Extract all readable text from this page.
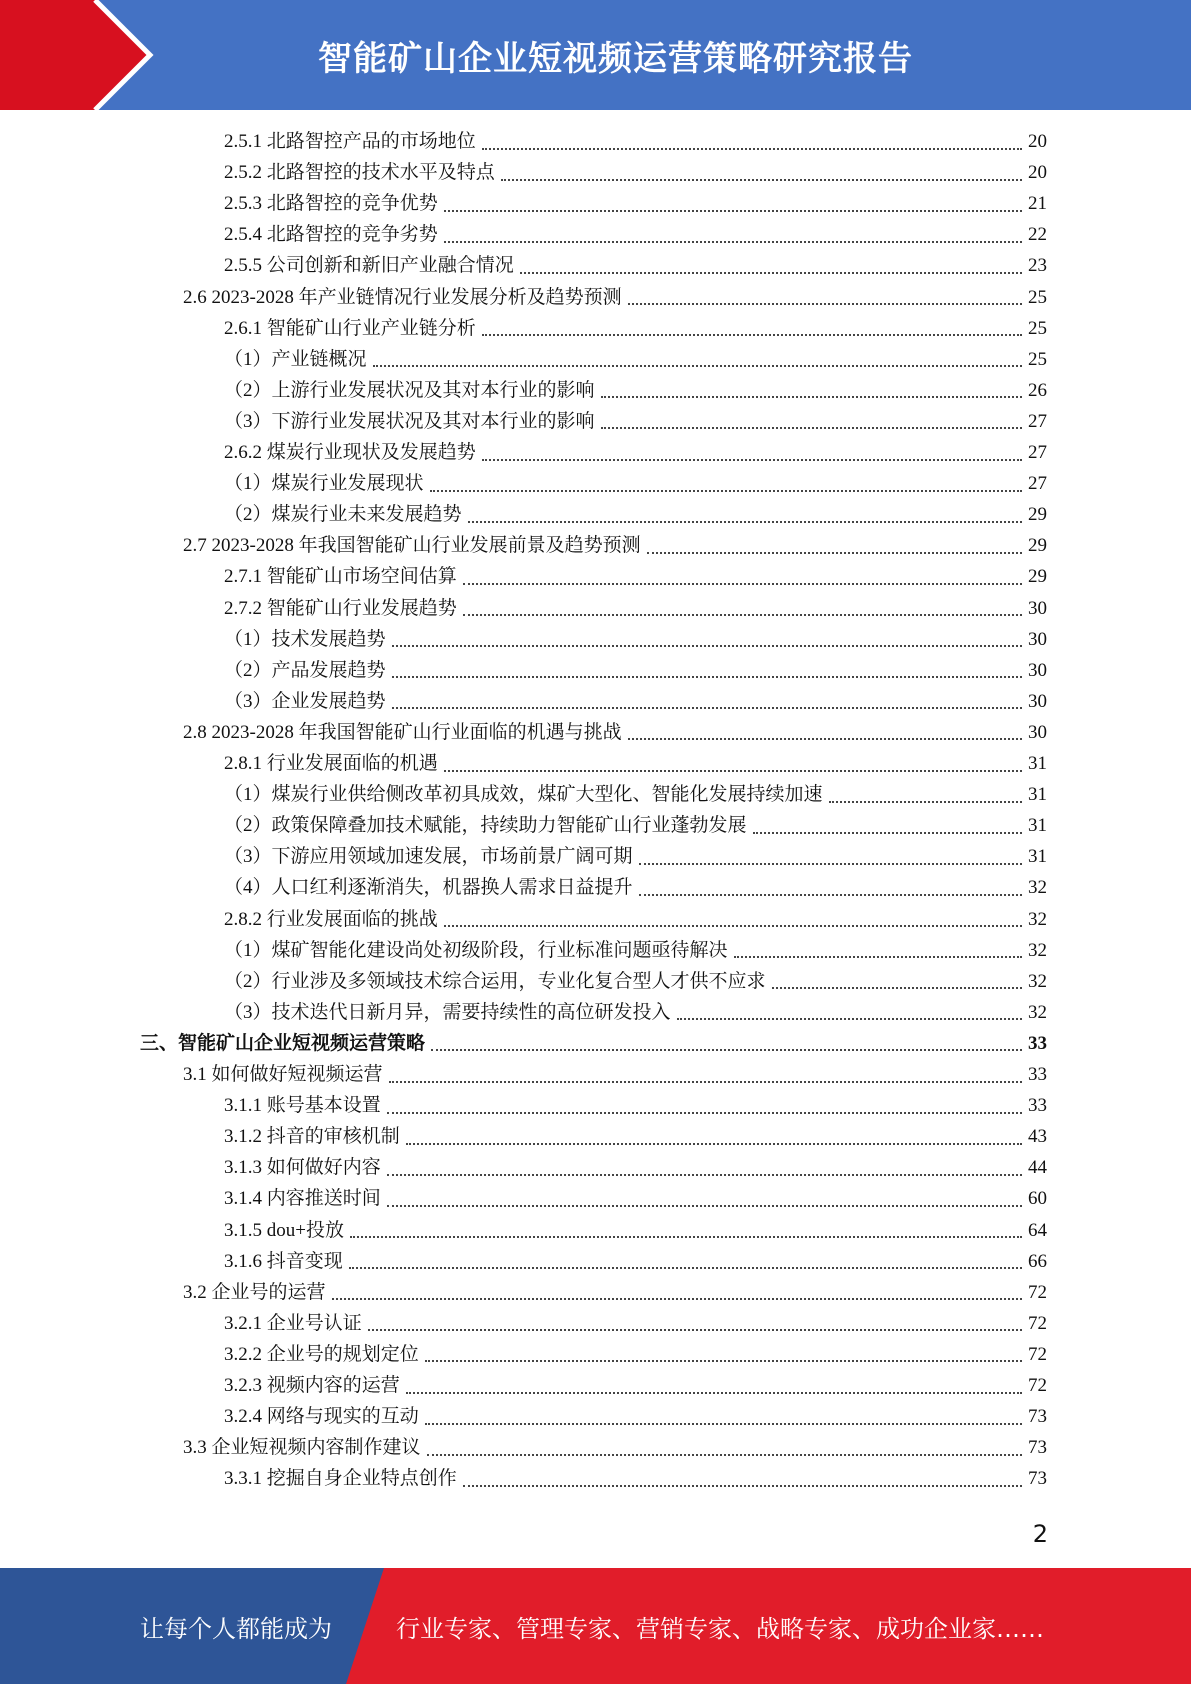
智能矿山企业短视频运营策略研究报告
2.5.1 北路智控产品的市场地位	20
2.5.2 北路智控的技术水平及特点	20
2.5.3 北路智控的竞争优势	21
2.5.4 北路智控的竞争劣势	22
2.5.5 公司创新和新旧产业融合情况	23
2.6 2023-2028 年产业链情况行业发展分析及趋势预测	25
2.6.1 智能矿山行业产业链分析	25
（1）产业链概况	25
（2）上游行业发展状况及其对本行业的影响	26
（3）下游行业发展状况及其对本行业的影响	27
2.6.2 煤炭行业现状及发展趋势	27
（1）煤炭行业发展现状	27
（2）煤炭行业未来发展趋势	29
2.7 2023-2028 年我国智能矿山行业发展前景及趋势预测	29
2.7.1 智能矿山市场空间估算	29
2.7.2 智能矿山行业发展趋势	30
（1）技术发展趋势	30
（2）产品发展趋势	30
（3）企业发展趋势	30
2.8 2023-2028 年我国智能矿山行业面临的机遇与挑战	30
2.8.1 行业发展面临的机遇	31
（1）煤炭行业供给侧改革初具成效，煤矿大型化、智能化发展持续加速	31
（2）政策保障叠加技术赋能，持续助力智能矿山行业蓬勃发展	31
（3）下游应用领域加速发展，市场前景广阔可期	31
（4）人口红利逐渐消失，机器换人需求日益提升	32
2.8.2 行业发展面临的挑战	32
（1）煤矿智能化建设尚处初级阶段，行业标准问题亟待解决	32
（2）行业涉及多领域技术综合运用，专业化复合型人才供不应求	32
（3）技术迭代日新月异，需要持续性的高位研发投入	32
三、智能矿山企业短视频运营策略	33
3.1 如何做好短视频运营	33
3.1.1 账号基本设置	33
3.1.2 抖音的审核机制	43
3.1.3 如何做好内容	44
3.1.4 内容推送时间	60
3.1.5 dou+投放	64
3.1.6 抖音变现	66
3.2 企业号的运营	72
3.2.1 企业号认证	72
3.2.2 企业号的规划定位	72
3.2.3 视频内容的运营	72
3.2.4 网络与现实的互动	73
3.3 企业短视频内容制作建议	73
3.3.1 挖掘自身企业特点创作	73
2
让每个人都能成为	行业专家、管理专家、营销专家、战略专家、成功企业家……
